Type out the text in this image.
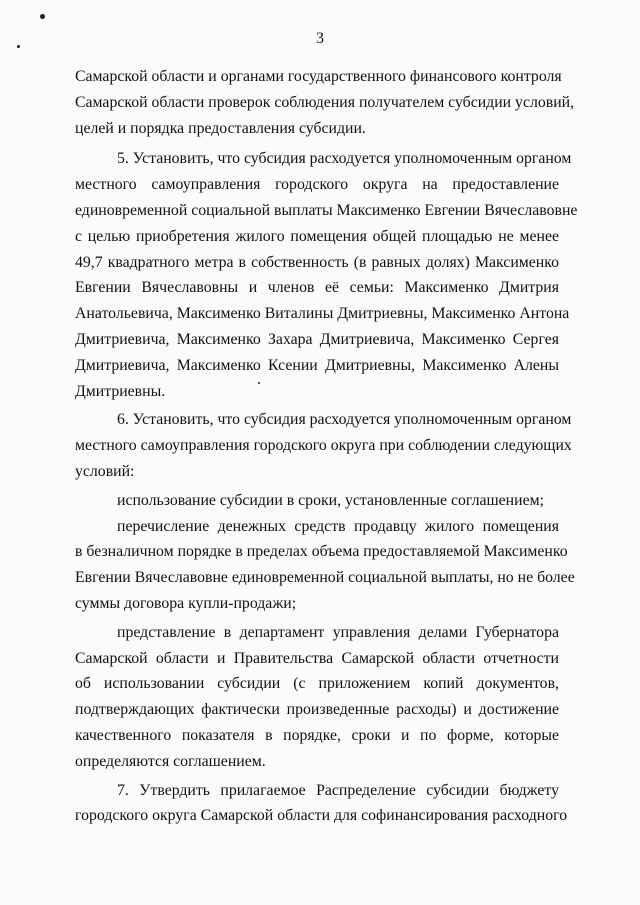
3
Самарской области и органами государственного финансового контроля
Самарской области проверок соблюдения получателем субсидии условий,
целей и порядка предоставления субсидии.
5. Установить, что субсидия расходуется уполномоченным органом
местного самоуправления городского округа на предоставление
единовременной социальной выплаты Максименко Евгении Вячеславовне
с целью приобретения жилого помещения общей площадью не менее
49,7 квадратного метра в собственность (в равных долях) Максименко
Евгении Вячеславовны и членов её семьи: Максименко Дмитрия
Анатольевича, Максименко Виталины Дмитриевны, Максименко Антона
Дмитриевича, Максименко Захара Дмитриевича, Максименко Сергея
Дмитриевича, Максименко Ксении Дмитриевны, Максименко Алены
Дмитриевны.
6. Установить, что субсидия расходуется уполномоченным органом
местного самоуправления городского округа при соблюдении следующих
условий:
использование субсидии в сроки, установленные соглашением;
перечисление денежных средств продавцу жилого помещения
в безналичном порядке в пределах объема предоставляемой Максименко
Евгении Вячеславовне единовременной социальной выплаты, но не более
суммы договора купли-продажи;
представление в департамент управления делами Губернатора
Самарской области и Правительства Самарской области отчетности
об использовании субсидии (с приложением копий документов,
подтверждающих фактически произведенные расходы) и достижение
качественного показателя в порядке, сроки и по форме, которые
определяются соглашением.
7. Утвердить прилагаемое Распределение субсидии бюджету
городского округа Самарской области для софинансирования расходного
